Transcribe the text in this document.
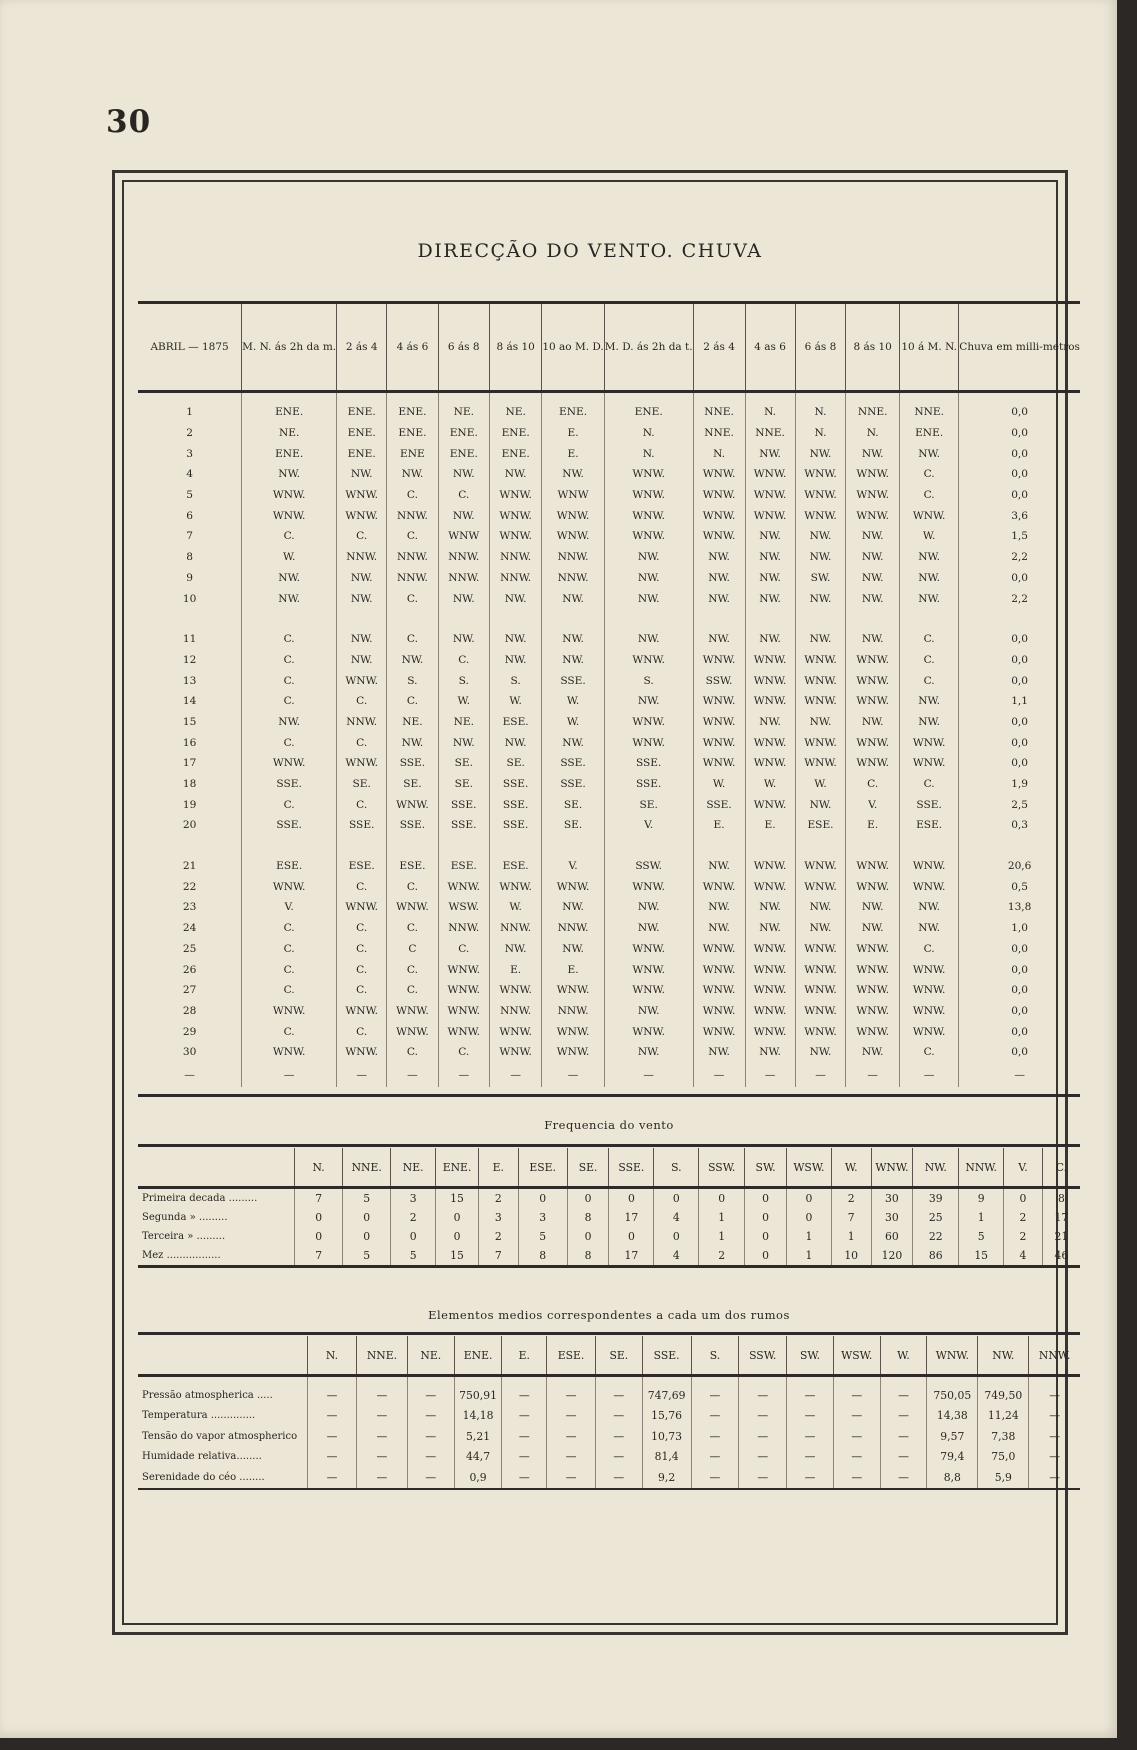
30
DIRECÇÃO DO VENTO. CHUVA
ABRIL — 1875	M. N. ás 2h da m.	2 ás 4	4 ás 6	6 ás 8	8 ás 10	10 ao M. D.	M. D. ás 2h da t.	2 ás 4	4 as 6	6 ás 8	8 ás 10	10 á M. N.	Chuva em milli-metros
1	ENE.	ENE.	ENE.	NE.	NE.	ENE.	ENE.	NNE.	N.	N.	NNE.	NNE.	0,0
2	NE.	ENE.	ENE.	ENE.	ENE.	E.	N.	NNE.	NNE.	N.	N.	ENE.	0,0
3	ENE.	ENE.	ENE	ENE.	ENE.	E.	N.	N.	NW.	NW.	NW.	NW.	0,0
4	NW.	NW.	NW.	NW.	NW.	NW.	WNW.	WNW.	WNW.	WNW.	WNW.	C.	0,0
5	WNW.	WNW.	C.	C.	WNW.	WNW	WNW.	WNW.	WNW.	WNW.	WNW.	C.	0,0
6	WNW.	WNW.	NNW.	NW.	WNW.	WNW.	WNW.	WNW.	WNW.	WNW.	WNW.	WNW.	3,6
7	C.	C.	C.	WNW	WNW.	WNW.	WNW.	WNW.	NW.	NW.	NW.	W.	1,5
8	W.	NNW.	NNW.	NNW.	NNW.	NNW.	NW.	NW.	NW.	NW.	NW.	NW.	2,2
9	NW.	NW.	NNW.	NNW.	NNW.	NNW.	NW.	NW.	NW.	SW.	NW.	NW.	0,0
10	NW.	NW.	C.	NW.	NW.	NW.	NW.	NW.	NW.	NW.	NW.	NW.	2,2

11	C.	NW.	C.	NW.	NW.	NW.	NW.	NW.	NW.	NW.	NW.	C.	0,0
12	C.	NW.	NW.	C.	NW.	NW.	WNW.	WNW.	WNW.	WNW.	WNW.	C.	0,0
13	C.	WNW.	S.	S.	S.	SSE.	S.	SSW.	WNW.	WNW.	WNW.	C.	0,0
14	C.	C.	C.	W.	W.	W.	NW.	WNW.	WNW.	WNW.	WNW.	NW.	1,1
15	NW.	NNW.	NE.	NE.	ESE.	W.	WNW.	WNW.	NW.	NW.	NW.	NW.	0,0
16	C.	C.	NW.	NW.	NW.	NW.	WNW.	WNW.	WNW.	WNW.	WNW.	WNW.	0,0
17	WNW.	WNW.	SSE.	SE.	SE.	SSE.	SSE.	WNW.	WNW.	WNW.	WNW.	WNW.	0,0
18	SSE.	SE.	SE.	SE.	SSE.	SSE.	SSE.	W.	W.	W.	C.	C.	1,9
19	C.	C.	WNW.	SSE.	SSE.	SE.	SE.	SSE.	WNW.	NW.	V.	SSE.	2,5
20	SSE.	SSE.	SSE.	SSE.	SSE.	SE.	V.	E.	E.	ESE.	E.	ESE.	0,3

21	ESE.	ESE.	ESE.	ESE.	ESE.	V.	SSW.	NW.	WNW.	WNW.	WNW.	WNW.	20,6
22	WNW.	C.	C.	WNW.	WNW.	WNW.	WNW.	WNW.	WNW.	WNW.	WNW.	WNW.	0,5
23	V.	WNW.	WNW.	WSW.	W.	NW.	NW.	NW.	NW.	NW.	NW.	NW.	13,8
24	C.	C.	C.	NNW.	NNW.	NNW.	NW.	NW.	NW.	NW.	NW.	NW.	1,0
25	C.	C.	C	C.	NW.	NW.	WNW.	WNW.	WNW.	WNW.	WNW.	C.	0,0
26	C.	C.	C.	WNW.	E.	E.	WNW.	WNW.	WNW.	WNW.	WNW.	WNW.	0,0
27	C.	C.	C.	WNW.	WNW.	WNW.	WNW.	WNW.	WNW.	WNW.	WNW.	WNW.	0,0
28	WNW.	WNW.	WNW.	WNW.	NNW.	NNW.	NW.	WNW.	WNW.	WNW.	WNW.	WNW.	0,0
29	C.	C.	WNW.	WNW.	WNW.	WNW.	WNW.	WNW.	WNW.	WNW.	WNW.	WNW.	0,0
30	WNW.	WNW.	C.	C.	WNW.	WNW.	NW.	NW.	NW.	NW.	NW.	C.	0,0
—	—	—	—	—	—	—	—	—	—	—	—	—	—
Frequencia do vento
	N.	NNE.	NE.	ENE.	E.	ESE.	SE.	SSE.	S.	SSW.	SW.	WSW.	W.	WNW.	NW.	NNW.	V.	C.
Primeira decada .........	7	5	3	15	2	0	0	0	0	0	0	0	2	30	39	9	0	8
Segunda » .........	0	0	2	0	3	3	8	17	4	1	0	0	7	30	25	1	2	17
Terceira » .........	0	0	0	0	2	5	0	0	0	1	0	1	1	60	22	5	2	21
Mez .................	7	5	5	15	7	8	8	17	4	2	0	1	10	120	86	15	4	46
Elementos medios correspondentes a cada um dos rumos
	N.	NNE.	NE.	ENE.	E.	ESE.	SE.	SSE.	S.	SSW.	SW.	WSW.	W.	WNW.	NW.	NNW.
Pressão atmospherica .....	—	—	—	750,91	—	—	—	747,69	—	—	—	—	—	750,05	749,50	—
Temperatura ..............	—	—	—	14,18	—	—	—	15,76	—	—	—	—	—	14,38	11,24	—
Tensão do vapor atmospherico	—	—	—	5,21	—	—	—	10,73	—	—	—	—	—	9,57	7,38	—
Humidade relativa........	—	—	—	44,7	—	—	—	81,4	—	—	—	—	—	79,4	75,0	—
Serenidade do céo ........	—	—	—	0,9	—	—	—	9,2	—	—	—	—	—	8,8	5,9	—
